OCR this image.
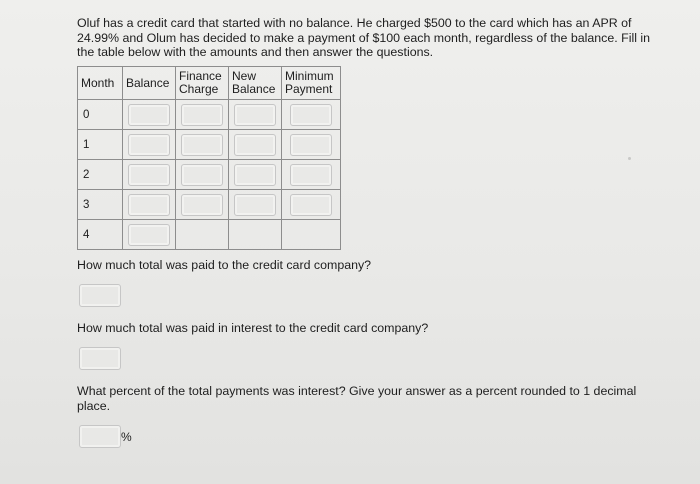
Oluf has a credit card that started with no balance. He charged $500 to the card which has an APR of 24.99% and Olum has decided to make a payment of $100 each month, regardless of the balance. Fill in the table below with the amounts and then answer the questions.
Month	Balance	Finance Charge	New Balance	Minimum Payment
0	

1	

2	

3	

4	

How much total was paid to the credit card company?
How much total was paid in interest to the credit card company?
What percent of the total payments was interest? Give your answer as a percent rounded to 1 decimal place.
%
